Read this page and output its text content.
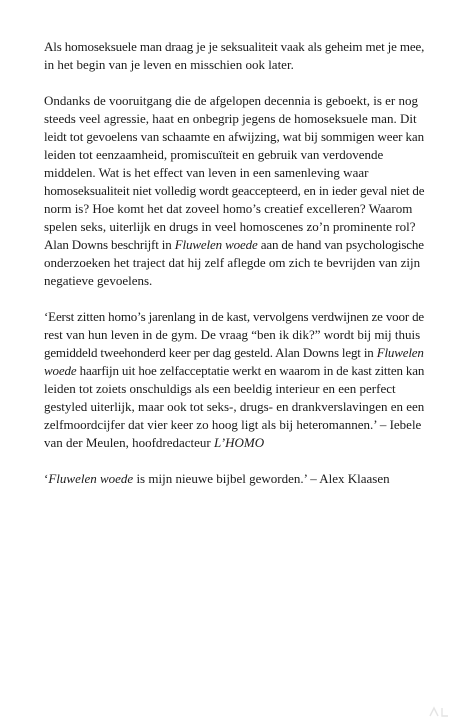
Als homoseksuele man draag je je seksualiteit vaak als geheim met je mee,
in het begin van je leven en misschien ook later.

Ondanks de vooruitgang die de afgelopen decennia is geboekt, is er nog
steeds veel agressie, haat en onbegrip jegens de homoseksuele man. Dit
leidt tot gevoelens van schaamte en afwijzing, wat bij sommigen weer kan
leiden tot eenzaamheid, promiscuïteit en gebruik van verdovende
middelen. Wat is het effect van leven in een samenleving waar
homoseksualiteit niet volledig wordt geaccepteerd, en in ieder geval niet de
norm is? Hoe komt het dat zoveel homo’s creatief excelleren? Waarom
spelen seks, uiterlijk en drugs in veel homoscenes zo’n prominente rol?
Alan Downs beschrijft in Fluwelen woede aan de hand van psychologische
onderzoeken het traject dat hij zelf aflegde om zich te bevrijden van zijn
negatieve gevoelens.

‘Eerst zitten homo’s jarenlang in de kast, vervolgens verdwijnen ze voor de
rest van hun leven in de gym. De vraag “ben ik dik?” wordt bij mij thuis
gemiddeld tweehonderd keer per dag gesteld. Alan Downs legt in Fluwelen
woede haarfijn uit hoe zelfacceptatie werkt en waarom in de kast zitten kan
leiden tot zoiets onschuldigs als een beeldig interieur en een perfect
gestyled uiterlijk, maar ook tot seks-, drugs- en drankverslavingen en een
zelfmoordcijfer dat vier keer zo hoog ligt als bij heteromannen.’ – Iebele
van der Meulen, hoofdredacteur L’HOMO

‘Fluwelen woede is mijn nieuwe bijbel geworden.’ – Alex Klaasen
